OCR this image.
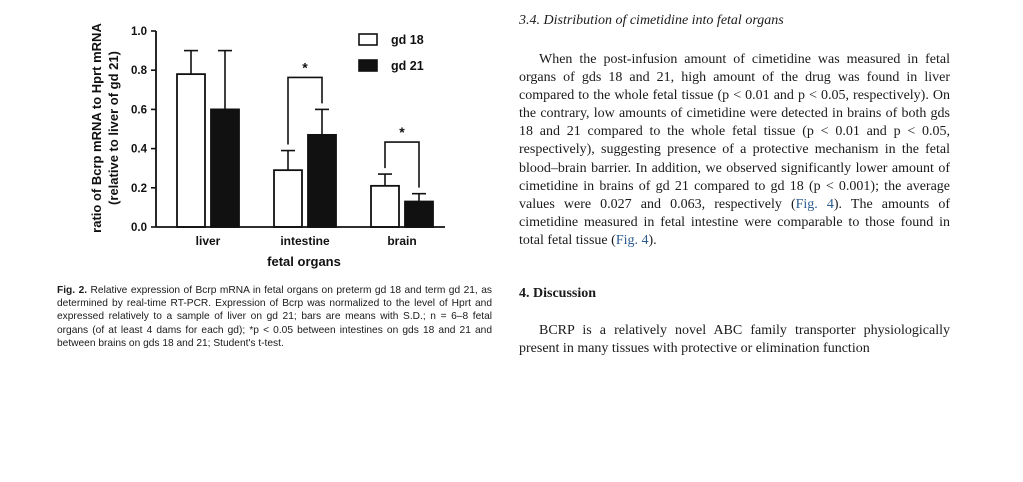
0.0
0.2
0.4
0.6
0.8
1.0
liver	intestine	brain
*
*
gd 18
gd 21
ratio of Bcrp mRNA to Hprt mRNA (relative to liver of gd 21)
fetal organs

Fig. 2. Relative expression of Bcrp mRNA in fetal organs on preterm gd 18 and term gd 21, as determined by real-time RT-PCR. Expression of Bcrp was normalized to the level of Hprt and expressed relatively to a sample of liver on gd 21; bars are means with S.D.; n = 6–8 fetal organs (of at least 4 dams for each gd); *p < 0.05 between intestines on gds 18 and 21 and between brains on gds 18 and 21; Student's t-test.

3.4. Distribution of cimetidine into fetal organs

When the post-infusion amount of cimetidine was measured in fetal organs of gds 18 and 21, high amount of the drug was found in liver compared to the whole fetal tissue (p < 0.01 and p < 0.05, respectively). On the contrary, low amounts of cimetidine were detected in brains of both gds 18 and 21 compared to the whole fetal tissue (p < 0.01 and p < 0.05, respectively), suggesting presence of a protective mechanism in the fetal blood–brain barrier. In addition, we observed significantly lower amount of cimetidine in brains of gd 21 compared to gd 18 (p < 0.001); the average values were 0.027 and 0.063, respectively (Fig. 4). The amounts of cimetidine measured in fetal intestine were comparable to those found in total fetal tissue (Fig. 4).

4. Discussion

BCRP is a relatively novel ABC family transporter physiologically present in many tissues with protective or elimination function
